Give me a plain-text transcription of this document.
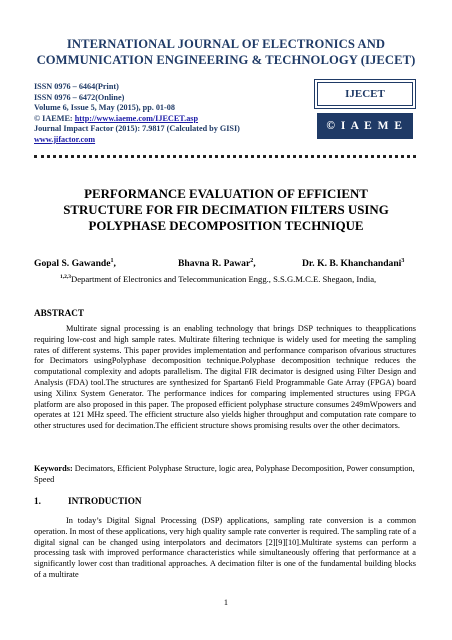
INTERNATIONAL JOURNAL OF ELECTRONICS AND
COMMUNICATION ENGINEERING & TECHNOLOGY (IJECET)
ISSN 0976 – 6464(Print)
ISSN 0976 – 6472(Online)
Volume 6, Issue 5, May (2015), pp. 01-08
© IAEME: http://www.iaeme.com/IJECET.asp
Journal Impact Factor (2015): 7.9817 (Calculated by GISI)
www.jifactor.com
IJECET
© I A E M E
PERFORMANCE EVALUATION OF EFFICIENT
STRUCTURE FOR FIR DECIMATION FILTERS USING
POLYPHASE DECOMPOSITION TECHNIQUE
Gopal S. Gawande$^1$,	Bhavna R. Pawar$^2$,	Dr. K. B. Khanchandani$^3$
$^{1,2,3}$Department of Electronics and Telecommunication Engg., S.S.G.M.C.E. Shegaon, India,
ABSTRACT

Multirate signal processing is an enabling technology that brings DSP techniques to theapplications requiring low-cost and high sample rates. Multirate filtering technique is widely used for meeting the sampling rates of different systems. This paper provides implementation and performance comparison ofvarious structures for Decimators usingPolyphase decomposition technique.Polyphase decomposition technique reduces the computational complexity and adopts parallelism. The digital FIR decimator is designed using Filter Design and Analysis (FDA) tool.The structures are synthesized for Spartan6 Field Programmable Gate Array (FPGA) board using Xilinx System Generator. The performance indices for comparing implemented structures using FPGA platform are also proposed in this paper. The proposed efficient polyphase structure consumes 249mWpowers and operates at 121 MHz speed. The efficient structure also yields higher throughput and computation rate compare to other structures used for decimation.The efficient structure shows promising results over the other decimators.

Keywords: Decimators, Efficient Polyphase Structure, logic area, Polyphase Decomposition, Power consumption, Speed

1.	INTRODUCTION

In today’s Digital Signal Processing (DSP) applications, sampling rate conversion is a common operation. In most of these applications, very high quality sample rate converter is required. The sampling rate of a digital signal can be changed using interpolators and decimators [2][9][10].Multirate systems can perform a processing task with improved performance characteristics while simultaneously offering that performance at a significantly lower cost than traditional approaches. A decimation filter is one of the fundamental building blocks of a multirate

1
